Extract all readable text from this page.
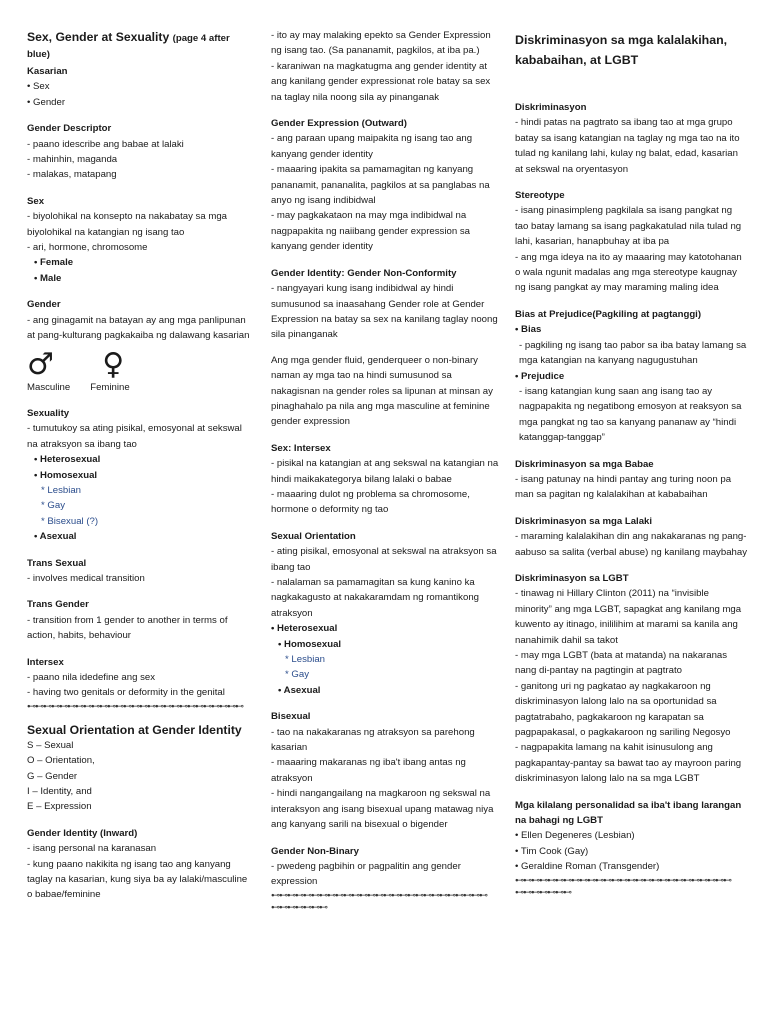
Sex, Gender at Sexuality (page 4 after blue)
Kasarian
• Sex
• Gender
Gender Descriptor
- paano idescribe ang babae at lalaki
- mahinhin, maganda
- malakas, matapang
Sex
- biyolohikal na konsepto na nakabatay sa mga biyolohikal na katangian ng isang tao
- ari, hormone, chromosome
• Female
• Male
Gender
- ang ginagamit na batayan ay ang mga panlipunan at pang-kulturang pagkakaiba ng dalawang kasarian
♂
Masculine
♀
Feminine
Sexuality
- tumutukoy sa ating pisikal, emosyonal at sekswal na atraksyon sa ibang tao
• Heterosexual
• Homosexual
* Lesbian
* Gay
* Bisexual (?)
• Asexual
Trans Sexual
- involves medical transition
Trans Gender
- transition from 1 gender to another in terms of action, habits, behaviour
Intersex
- paano nila idedefine ang sex
- having two genitals or deformity in the genital
⊷⊷⊷⊷⊷⊷⊷⊷⊷⊷⊷⊷⊷⊷⊷⊷⊷⊷⊷⊷⊷⊷⊷⊷⊷⊷⊷
Sexual Orientation at Gender Identity
S – Sexual
O – Orientation,
G – Gender
I – Identity, and
E – Expression
Gender Identity (Inward)
- isang personal na karanasan
- kung paano nakikita ng isang tao ang kanyang taglay na kasarian, kung siya ba ay lalaki/masculine o babae/feminine
- ito ay may malaking epekto sa Gender Expression ng isang tao. (Sa pananamit, pagkilos, at iba pa.)
- karaniwan na magkatugma ang gender identity at ang kanilang gender expressionat role batay sa sex na taglay nila noong sila ay pinanganak
Gender Expression (Outward)
- ang paraan upang maipakita ng isang tao ang kanyang gender identity
- maaaring ipakita sa pamamagitan ng kanyang pananamit, pananalita, pagkilos at sa panglabas na anyo ng isang indibidwal
- may pagkakataon na may mga indibidwal na nagpapakita ng naiibang gender expression sa kanyang gender identity
Gender Identity: Gender Non-Conformity
- nangyayari kung isang indibidwal ay hindi sumusunod sa inaasahang Gender role at Gender Expression na batay sa sex na kanilang taglay noong sila pinanganak
Ang mga gender fluid, genderqueer o non-binary naman ay mga tao na hindi sumusunod sa nakagisnan na gender roles sa lipunan at minsan ay pinaghahalo pa nila ang mga masculine at feminine gender expression
Sex: Intersex
- pisikal na katangian at ang sekswal na katangian na hindi maikakategorya bilang lalaki o babae
- maaaring dulot ng problema sa chromosome, hormone o deformity ng tao
Sexual Orientation
- ating pisikal, emosyonal at sekswal na atraksyon sa ibang tao
- nalalaman sa pamamagitan sa kung kanino ka nagkakagusto at nakakaramdam ng romantikong atraksyon
• Heterosexual
• Homosexual
* Lesbian
* Gay
• Asexual
Bisexual
- tao na nakakaranas ng atraksyon sa parehong kasarian
- maaaring makaranas ng iba't ibang antas ng atraksyon
- hindi nangangailang na magkaroon ng sekswal na interaksyon ang isang bisexual upang matawag niya ang kanyang sarili na bisexual o bigender
Gender Non-Binary
- pwedeng pagbihin or pagpalitin ang gender expression
⊷⊷⊷⊷⊷⊷⊷⊷⊷⊷⊷⊷⊷⊷⊷⊷⊷⊷⊷⊷⊷⊷⊷⊷⊷⊷⊷
⊷⊷⊷⊷⊷⊷⊷
Diskriminasyon sa mga kalalakihan, kababaihan, at LGBT
Diskriminasyon
- hindi patas na pagtrato sa ibang tao at mga grupo batay sa isang katangian na taglay ng mga tao na ito tulad ng kanilang lahi, kulay ng balat, edad, kasarian at sekswal na oryentasyon
Stereotype
- isang pinasimpleng pagkilala sa isang pangkat ng tao batay lamang sa isang pagkakatulad nila tulad ng lahi, kasarian, hanapbuhay at iba pa
- ang mga ideya na ito ay maaaring may katotohanan o wala ngunit madalas ang mga stereotype kaugnay ng isang pangkat ay may maraming maling idea
Bias at Prejudice(Pagkiling at pagtanggi)
• Bias
- pagkiling ng isang tao pabor sa iba batay lamang sa mga katangian na kanyang nagugustuhan
• Prejudice
- isang katangian kung saan ang isang tao ay nagpapakita ng negatibong emosyon at reaksyon sa mga pangkat ng tao sa kanyang pananaw ay “hindi katanggap-tanggap”
Diskriminasyon sa mga Babae
- isang patunay na hindi pantay ang turing noon pa man sa pagitan ng kalalakihan at kababaihan
Diskriminasyon sa mga Lalaki
- maraming kalalakihan din ang nakakaranas ng pang-aabuso sa salita (verbal abuse) ng kanilang maybahay
Diskriminasyon sa LGBT
- tinawag ni Hillary Clinton (2011) na “invisible minority” ang mga LGBT, sapagkat ang kanilang mga kuwento ay itinago, inililihim at marami sa kanila ang nanahimik dahil sa takot
- may mga LGBT (bata at matanda) na nakaranas nang di-pantay na pagtingin at pagtrato
- ganitong uri ng pagkatao ay nagkakaroon ng diskriminasyon lalong lalo na sa oportunidad sa pagtatrabaho, pagkakaroon ng karapatan sa pagpapakasal, o pagkakaroon ng sariling Negosyo
- nagpapakita lamang na kahit isinusulong ang pagkapantay-pantay sa bawat tao ay mayroon paring diskriminasyon lalong lalo na sa mga LGBT
Mga kilalang personalidad sa iba't ibang larangan na bahagi ng LGBT
• Ellen Degeneres (Lesbian)
• Tim Cook (Gay)
• Geraldine Roman (Transgender)
⊷⊷⊷⊷⊷⊷⊷⊷⊷⊷⊷⊷⊷⊷⊷⊷⊷⊷⊷⊷⊷⊷⊷⊷⊷⊷⊷
⊷⊷⊷⊷⊷⊷⊷
